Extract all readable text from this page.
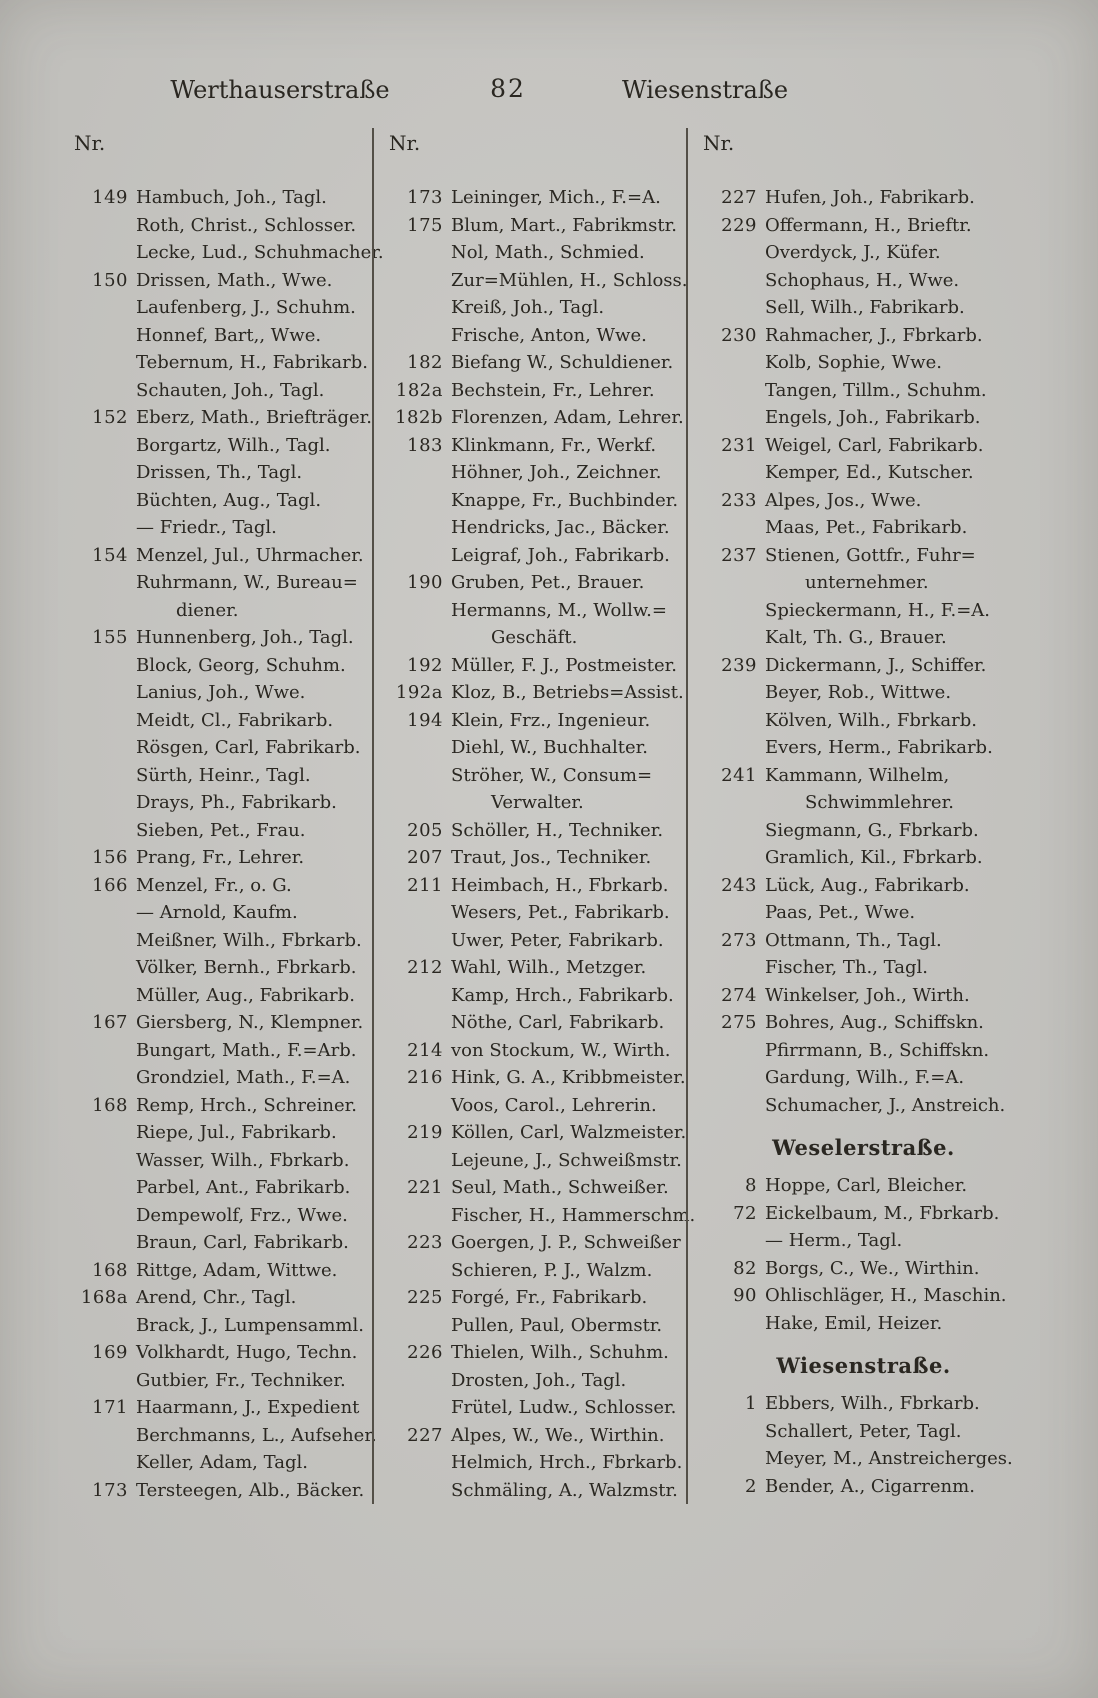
Werthauserstraße	82	Wiesenstraße
Nr.
149 Hambuch, Joh., Tagl.
Roth, Christ., Schlosser.
Lecke, Lud., Schuhmacher.
150 Drissen, Math., Wwe.
Laufenberg, J., Schuhm.
Honnef, Bart,, Wwe.
Tebernum, H., Fabrikarb.
Schauten, Joh., Tagl.
152 Eberz, Math., Briefträger.
Borgartz, Wilh., Tagl.
Drissen, Th., Tagl.
Büchten, Aug., Tagl.
— Friedr., Tagl.
154 Menzel, Jul., Uhrmacher.
Ruhrmann, W., Bureau=
diener.
155 Hunnenberg, Joh., Tagl.
Block, Georg, Schuhm.
Lanius, Joh., Wwe.
Meidt, Cl., Fabrikarb.
Rösgen, Carl, Fabrikarb.
Sürth, Heinr., Tagl.
Drays, Ph., Fabrikarb.
Sieben, Pet., Frau.
156 Prang, Fr., Lehrer.
166 Menzel, Fr., o. G.
— Arnold, Kaufm.
Meißner, Wilh., Fbrkarb.
Völker, Bernh., Fbrkarb.
Müller, Aug., Fabrikarb.
167 Giersberg, N., Klempner.
Bungart, Math., F.=Arb.
Grondziel, Math., F.=A.
168 Remp, Hrch., Schreiner.
Riepe, Jul., Fabrikarb.
Wasser, Wilh., Fbrkarb.
Parbel, Ant., Fabrikarb.
Dempewolf, Frz., Wwe.
Braun, Carl, Fabrikarb.
168 Rittge, Adam, Wittwe.
168a Arend, Chr., Tagl.
Brack, J., Lumpensamml.
169 Volkhardt, Hugo, Techn.
Gutbier, Fr., Techniker.
171 Haarmann, J., Expedient
Berchmanns, L., Aufseher.
Keller, Adam, Tagl.
173 Tersteegen, Alb., Bäcker.
Nr.
173 Leininger, Mich., F.=A.
175 Blum, Mart., Fabrikmstr.
Nol, Math., Schmied.
Zur=Mühlen, H., Schloss.
Kreiß, Joh., Tagl.
Frische, Anton, Wwe.
182 Biefang W., Schuldiener.
182a Bechstein, Fr., Lehrer.
182b Florenzen, Adam, Lehrer.
183 Klinkmann, Fr., Werkf.
Höhner, Joh., Zeichner.
Knappe, Fr., Buchbinder.
Hendricks, Jac., Bäcker.
Leigraf, Joh., Fabrikarb.
190 Gruben, Pet., Brauer.
Hermanns, M., Wollw.=
Geschäft.
192 Müller, F. J., Postmeister.
192a Kloz, B., Betriebs=Assist.
194 Klein, Frz., Ingenieur.
Diehl, W., Buchhalter.
Ströher, W., Consum=
Verwalter.
205 Schöller, H., Techniker.
207 Traut, Jos., Techniker.
211 Heimbach, H., Fbrkarb.
Wesers, Pet., Fabrikarb.
Uwer, Peter, Fabrikarb.
212 Wahl, Wilh., Metzger.
Kamp, Hrch., Fabrikarb.
Nöthe, Carl, Fabrikarb.
214 von Stockum, W., Wirth.
216 Hink, G. A., Kribbmeister.
Voos, Carol., Lehrerin.
219 Köllen, Carl, Walzmeister.
Lejeune, J., Schweißmstr.
221 Seul, Math., Schweißer.
Fischer, H., Hammerschm.
223 Goergen, J. P., Schweißer
Schieren, P. J., Walzm.
225 Forgé, Fr., Fabrikarb.
Pullen, Paul, Obermstr.
226 Thielen, Wilh., Schuhm.
Drosten, Joh., Tagl.
Frütel, Ludw., Schlosser.
227 Alpes, W., We., Wirthin.
Helmich, Hrch., Fbrkarb.
Schmäling, A., Walzmstr.
Nr.
227 Hufen, Joh., Fabrikarb.
229 Offermann, H., Brieftr.
Overdyck, J., Küfer.
Schophaus, H., Wwe.
Sell, Wilh., Fabrikarb.
230 Rahmacher, J., Fbrkarb.
Kolb, Sophie, Wwe.
Tangen, Tillm., Schuhm.
Engels, Joh., Fabrikarb.
231 Weigel, Carl, Fabrikarb.
Kemper, Ed., Kutscher.
233 Alpes, Jos., Wwe.
Maas, Pet., Fabrikarb.
237 Stienen, Gottfr., Fuhr=
unternehmer.
Spieckermann, H., F.=A.
Kalt, Th. G., Brauer.
239 Dickermann, J., Schiffer.
Beyer, Rob., Wittwe.
Kölven, Wilh., Fbrkarb.
Evers, Herm., Fabrikarb.
241 Kammann, Wilhelm,
Schwimmlehrer.
Siegmann, G., Fbrkarb.
Gramlich, Kil., Fbrkarb.
243 Lück, Aug., Fabrikarb.
Paas, Pet., Wwe.
273 Ottmann, Th., Tagl.
Fischer, Th., Tagl.
274 Winkelser, Joh., Wirth.
275 Bohres, Aug., Schiffskn.
Pfirrmann, B., Schiffskn.
Gardung, Wilh., F.=A.
Schumacher, J., Anstreich.
Weselerstraße.
8 Hoppe, Carl, Bleicher.
72 Eickelbaum, M., Fbrkarb.
— Herm., Tagl.
82 Borgs, C., We., Wirthin.
90 Ohlischläger, H., Maschin.
Hake, Emil, Heizer.
Wiesenstraße.
1 Ebbers, Wilh., Fbrkarb.
Schallert, Peter, Tagl.
Meyer, M., Anstreicherges.
2 Bender, A., Cigarrenm.
